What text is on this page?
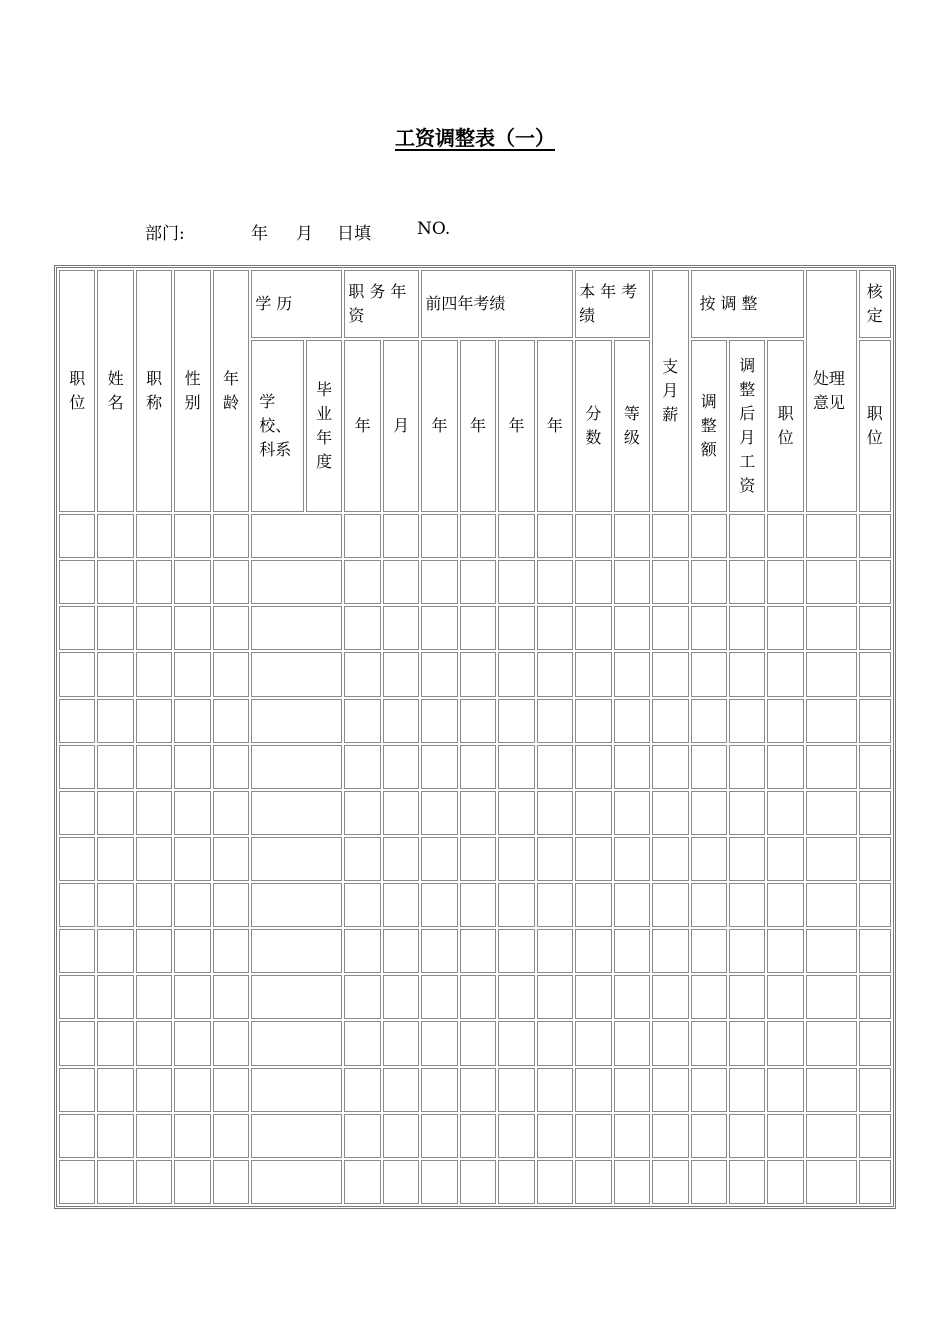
工资调整表（一）
部门:	年 月 日填	NO.
职位	姓名	职称	性别	年龄	学历		职务年资		前四年考绩				本年考绩		支月薪	按调整			处理意见	核定
					学校、科系	毕业年度	年	月	年	年	年	年	分数	等级		调整额	调整后月工资	职位		职位
